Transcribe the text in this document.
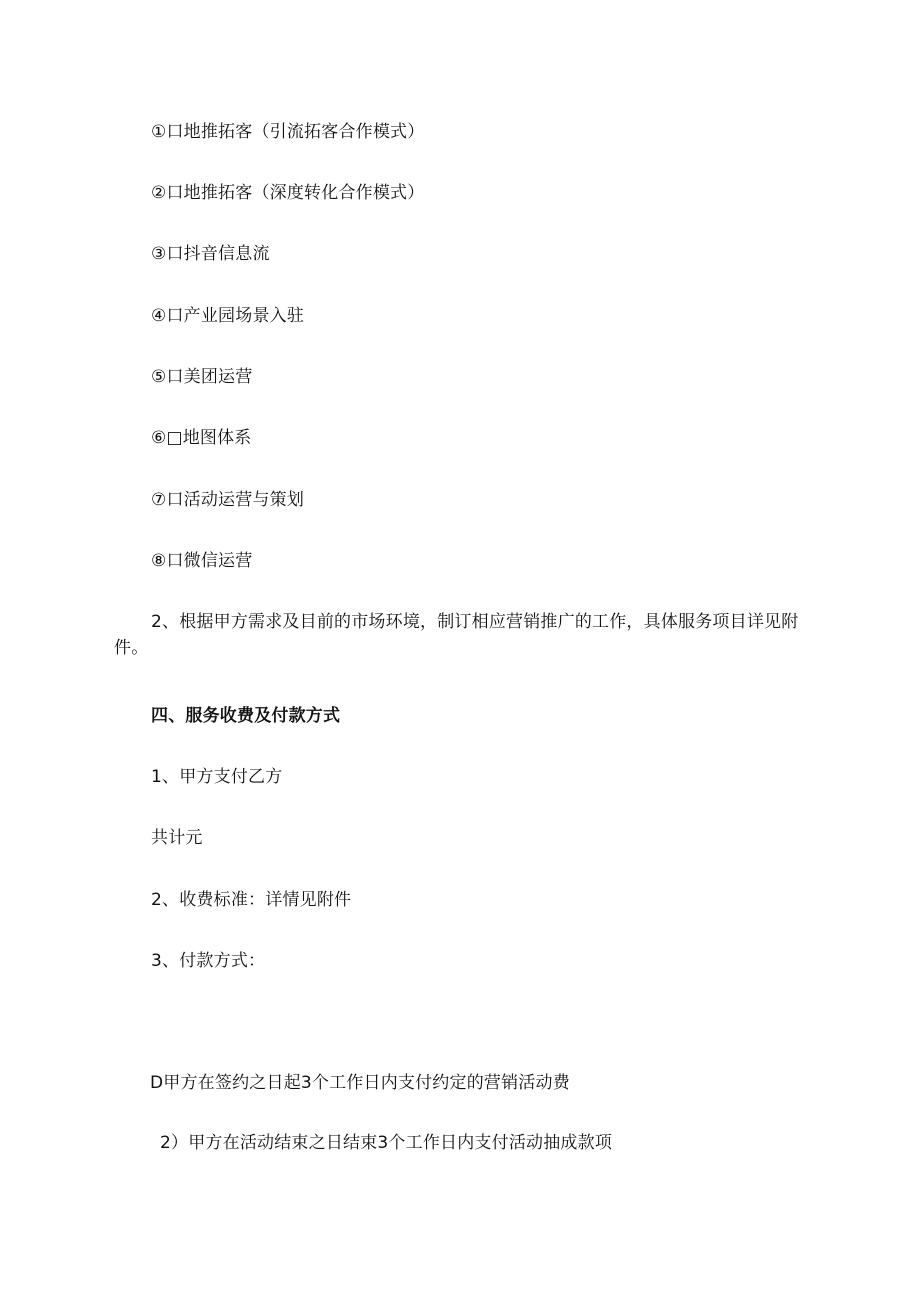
①口地推拓客（引流拓客合作模式）
②口地推拓客（深度转化合作模式）
③口抖音信息流
④口产业园场景入驻
⑤口美团运营
⑥□地图体系
⑦口活动运营与策划
⑧口微信运营
2、根据甲方需求及目前的市场环境，制订相应营销推广的工作，具体服务项目详见附件。
四、服务收费及付款方式
1、甲方支付乙方
共计元
2、收费标准：详情见附件
3、付款方式：
D甲方在签约之日起3个工作日内支付约定的营销活动费
2）甲方在活动结束之日结束3个工作日内支付活动抽成款项
